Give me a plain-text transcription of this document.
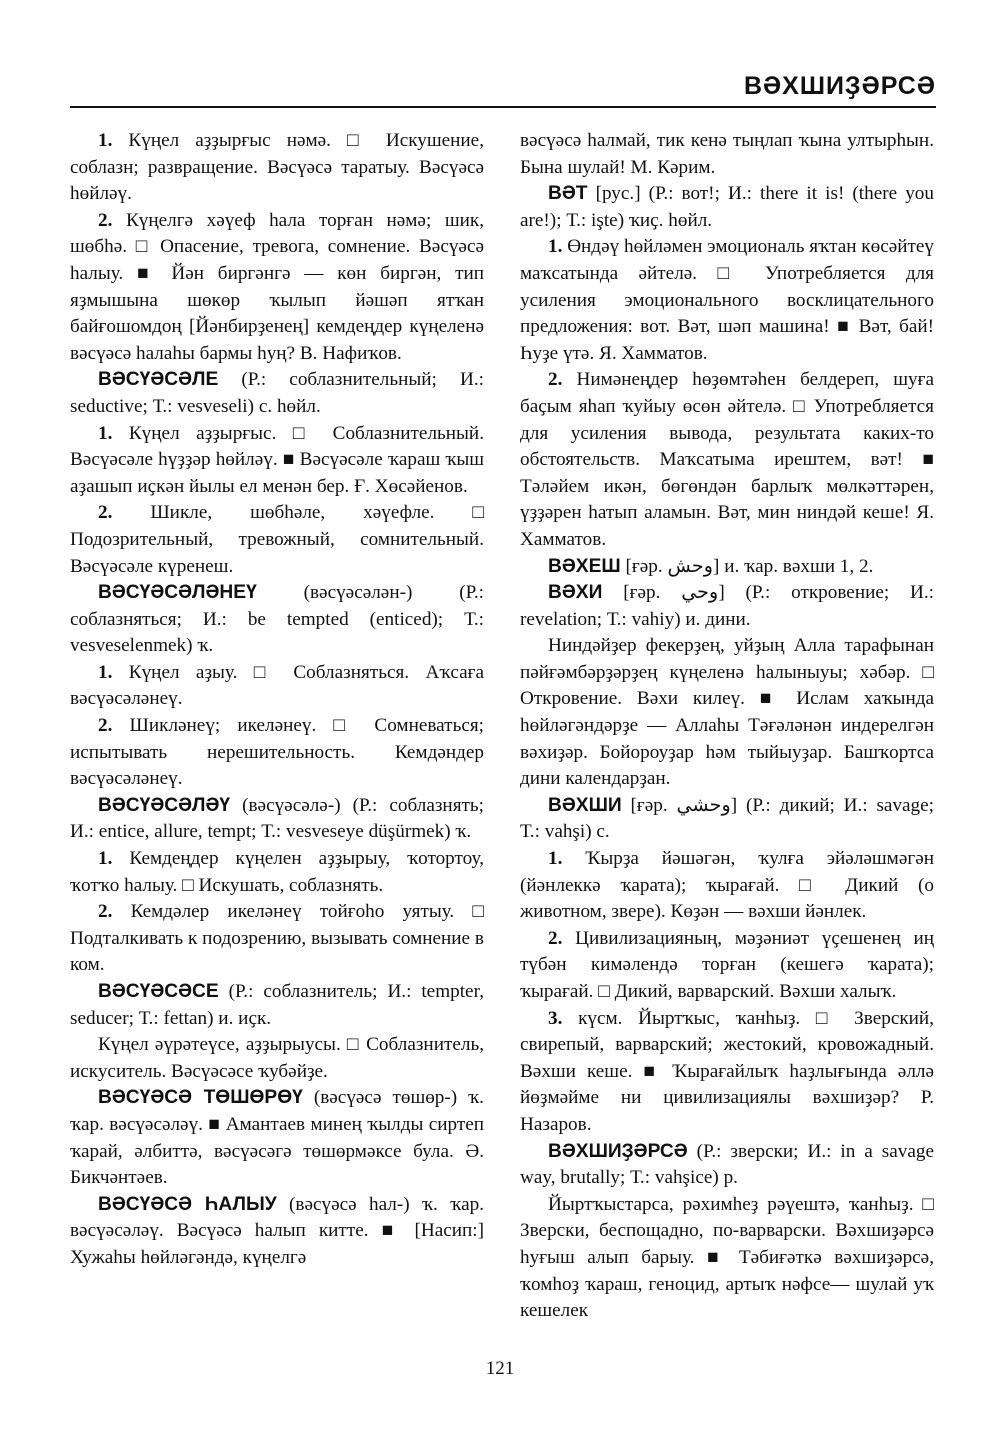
ВӘХШИҘӘРСӘ

1. Күңел аҙҙырғыс нәмә. □ Искушение, соблазн; развращение. Вәсүәсә таратыу. Вәсүәсә һөйләү.

2. Күңелгә хәүеф һала торған нәмә; шик, шөбһә. □ Опасение, тревога, сомнение. Вәсүәсә һалыу. ■ Йән биргәнгә — көн биргән, тип яҙмышына шөкөр ҡылып йәшәп ятҡан байғошомдоң [Йәнбирҙенең] кемдеңдер күңеленә вәсүәсә һалаһы бармы һуң? В. Нафиҡов.

ВӘСҮӘСӘЛЕ (Р.: соблазнительный; И.: seductive; Т.: vesveseli) с. һөйл.

1. Күңел аҙҙырғыс. □ Соблазнительный. Вәсүәсәле һүҙҙәр һөйләү. ■ Вәсүәсәле ҡараш ҡыш аҙашып иҫкән йылы ел менән бер. Ғ. Хөсәйенов.

2. Шикле, шөбһәле, хәүефле. □ Подозрительный, тревожный, сомнительный. Вәсүәсәле күренеш.

ВӘСҮӘСӘЛӘНЕҮ (вәсүәсәлән-) (Р.: соблазняться; И.: be tempted (enticed); Т.: vesveselenmek) ҡ.

1. Күңел аҙыу. □ Соблазняться. Аҡсаға вәсүәсәләнеү.

2. Шикләнеү; икеләнеү. □ Сомневаться; испытывать нерешительность. Кемдәндер вәсүәсәләнеү.

ВӘСҮӘСӘЛӘҮ (вәсүәсәлә-) (Р.: соблазнять; И.: entice, allure, tempt; Т.: vesveseye düşürmek) ҡ.

1. Кемдеңдер күңелен аҙҙырыу, ҡотортоу, ҡотҡо һалыу. □ Искушать, соблазнять.

2. Кемдәлер икеләнеү тойғоһо уятыу. □ Подталкивать к подозрению, вызывать сомнение в ком.

ВӘСҮӘСӘСЕ (Р.: соблазнитель; И.: tempter, seducer; Т.: fettan) и. иҫк.

Күңел әүрәтеүсе, аҙҙырыусы. □ Соблазнитель, искуситель. Вәсүәсәсе ҡубәйҙе.

ВӘСҮӘСӘ ТӨШӨРӨҮ (вәсүәсә төшөр-) ҡ. ҡар. вәсүәсәләү. ■ Амантаев минең ҡылды сиртеп ҡарай, әлбиттә, вәсүәсәгә төшөрмәксе була. Ә. Бикчәнтәев.

ВӘСҮӘСӘ ҺАЛЫУ (вәсүәсә һал-) ҡ. ҡар. вәсүәсәләү. Вәсүәсә һалып китте. ■ [Насип:] Хужаһы һөйләгәндә, күңелгә

вәсүәсә һалмай, тик кенә тыңлап ҡына ултырһын. Бына шулай! М. Кәрим.

ВӘТ [рус.] (Р.: вот!; И.: there it is! (there you are!); Т.: işte) ҡиҫ. һөйл.

1. Өндәү һөйләмен эмоциональ яҡтан көсәйтеү маҡсатында әйтелә. □ Употребляется для усиления эмоционального восклицательного предложения: вот. Вәт, шәп машина! ■ Вәт, бай! Һуҙе үтә. Я. Хамматов.

2. Нимәнеңдер һөҙөмтәһен белдереп, шуға баҫым яһап ҡуйыу өсөн әйтелә. □ Употребляется для усиления вывода, результата каких-то обстоятельств. Маҡсатыма ирештем, вәт! ■ Тәләйем икән, бөгөндән барлыҡ мөлкәттәрен, үҙҙәрен һатып аламын. Вәт, мин ниндәй кеше! Я. Хамматов.

ВӘХЕШ [ғәр. وحش] и. ҡар. вәхши 1, 2.

ВӘХИ [ғәр. وحي] (Р.: откровение; И.: revelation; Т.: vahiy) и. дини.

Ниндәйҙер фекерҙең, уйҙың Алла тарафынан пәйғәмбәрҙәрҙең күңеленә һалыныуы; хәбәр. □ Откровение. Вәхи килеү. ■ Ислам хаҡында һөйләгәндәрҙе — Аллаһы Тәғәләнән индерелгән вәхиҙәр. Бойороуҙар һәм тыйыуҙар. Башҡортса дини календарҙан.

ВӘХШИ [ғәр. وحشي] (Р.: дикий; И.: savage; Т.: vahşi) с.

1. Ҡырҙа йәшәгән, ҡулға эйәләшмәгән (йәнлеккә ҡарата); ҡырағай. □ Дикий (о животном, звере). Көҙән — вәхши йәнлек.

2. Цивилизацияның, мәҙәниәт үҫешенең иң түбән кимәлендә торған (кешегә ҡарата); ҡырағай. □ Дикий, варварский. Вәхши халыҡ.

3. күсм. Йыртҡыс, ҡанһыҙ. □ Зверский, свирепый, варварский; жестокий, кровожадный. Вәхши кеше. ■ Ҡырағайлыҡ һаҙлығында әллә йөҙмәйме ни цивилизациялы вәхшиҙәр? Р. Назаров.

ВӘХШИҘӘРСӘ (Р.: зверски; И.: in a savage way, brutally; Т.: vahşice) р.

Йыртҡыстарса, рәхимһеҙ рәүештә, ҡанһыҙ. □ Зверски, беспощадно, по-варварски. Вәхшиҙәрсә һуғыш алып барыу. ■ Тәбиғәткә вәхшиҙәрсә, ҡомһоҙ ҡараш, геноцид, артыҡ нәфсе— шулай уҡ кешелек

121
